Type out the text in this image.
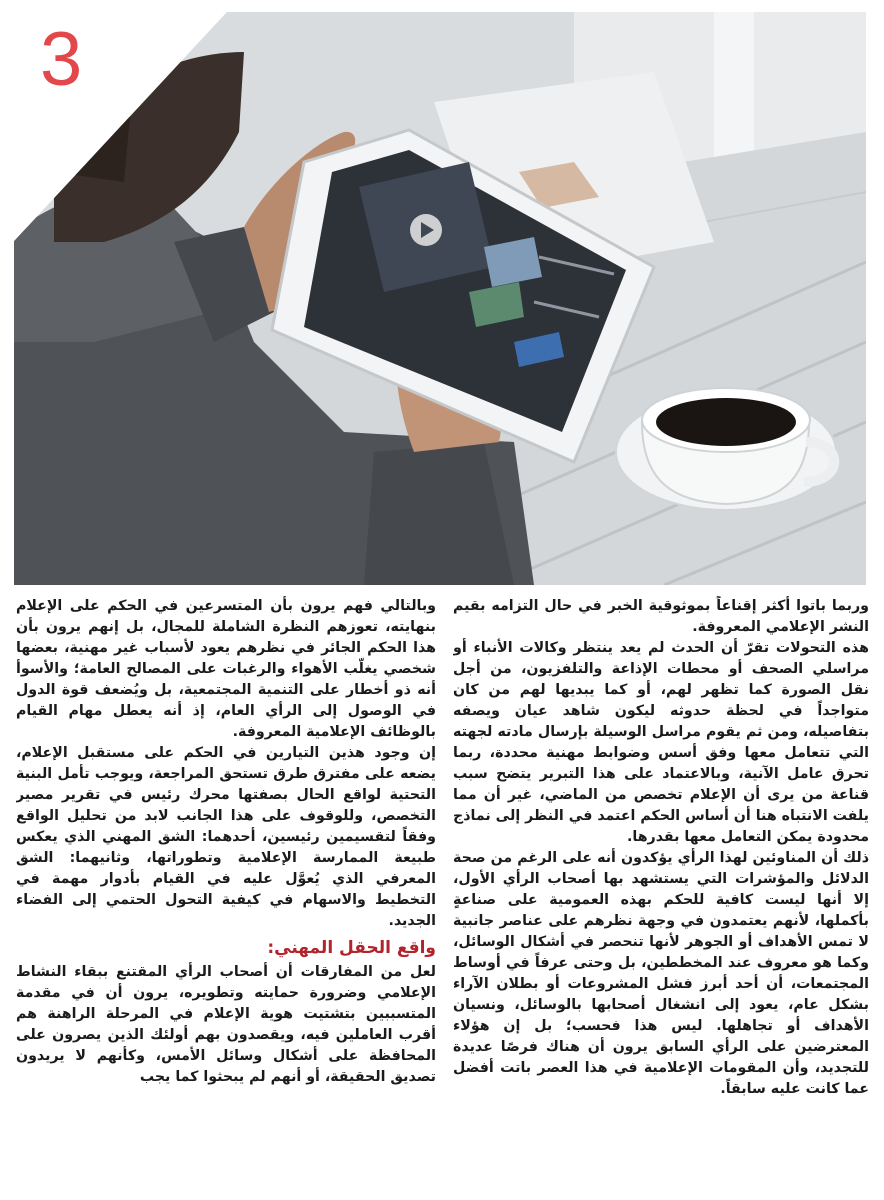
3

وربما باتوا أكثر إقناعاً بموثوقية الخبر في حال التزامه بقيم النشر الإعلامي المعروفة.

هذه التحولات تقرّ أن الحدث لم يعد ينتظر وكالات الأنباء أو مراسلي الصحف أو محطات الإذاعة والتلفزيون، من أجل نقل الصورة كما تظهر لهم، أو كما يبديها لهم من كان متواجداً في لحظة حدوثه ليكون شاهد عيان ويصفه بتفاصيله، ومن ثم يقوم مراسل الوسيلة بإرسال مادته لجهته التي تتعامل معها وفق أسس وضوابط مهنية محددة، ربما تحرق عامل الآنية، وبالاعتماد على هذا التبرير يتضح سبب قناعة من يرى أن الإعلام تخصص من الماضي، غير أن مما يلفت الانتباه هنا أن أساس الحكم اعتمد في النظر إلى نماذج محدودة يمكن التعامل معها بقدرها.

ذلك أن المناوئين لهذا الرأي يؤكدون أنه على الرغم من صحة الدلائل والمؤشرات التي يستشهد بها أصحاب الرأي الأول، إلا أنها ليست كافية للحكم بهذه العمومية على صناعةٍ بأكملها، لأنهم يعتمدون في وجهة نظرهم على عناصر جانبية لا تمس الأهداف أو الجوهر لأنها تنحصر في أشكال الوسائل، وكما هو معروف عند المخططين، بل وحتى عرفاً في أوساط المجتمعات، أن أحد أبرز فشل المشروعات أو بطلان الآراء بشكل عام، يعود إلى انشغال أصحابها بالوسائل، ونسيان الأهداف أو تجاهلها. ليس هذا فحسب؛ بل إن هؤلاء المعترضين على الرأي السابق يرون أن هناك فرصًا عديدة للتجديد، وأن المقومات الإعلامية في هذا العصر باتت أفضل عما كانت عليه سابقاً.

وبالتالي فهم يرون بأن المتسرعين في الحكم على الإعلام بنهايته، تعوزهم النظرة الشاملة للمجال، بل إنهم يرون بأن هذا الحكم الجائر في نظرهم يعود لأسباب غير مهنية، بعضها شخصي يغلّب الأهواء والرغبات على المصالح العامة؛ والأسوأ أنه ذو أخطار على التنمية المجتمعية، بل ويُضعف قوة الدول في الوصول إلى الرأي العام، إذ أنه يعطل مهام القيام بالوظائف الإعلامية المعروفة.

إن وجود هذين التيارين في الحكم على مستقبل الإعلام، يضعه على مفترق طرق تستحق المراجعة، ويوجب تأمل البنية التحتية لواقع الحال بصفتها محرك رئيس في تقرير مصير التخصص، وللوقوف على هذا الجانب لابد من تحليل الواقع وفقاً لتقسيمين رئيسين، أحدهما: الشق المهني الذي يعكس طبيعة الممارسة الإعلامية وتطوراتها، وثانيهما: الشق المعرفي الذي يُعوَّل عليه في القيام بأدوار مهمة في التخطيط والاسهام في كيفية التحول الحتمي إلى الفضاء الجديد.

واقع الحقل المهني:

لعل من المفارقات أن أصحاب الرأي المقتنع ببقاء النشاط الإعلامي وضرورة حمايته وتطويره، يرون أن في مقدمة المتسببين بتشتيت هوية الإعلام في المرحلة الراهنة هم أقرب العاملين فيه، ويقصدون بهم أولئك الذين يصرون على المحافظة على أشكال وسائل الأمس، وكأنهم لا يريدون تصديق الحقيقة، أو أنهم لم يبحثوا كما يجب
